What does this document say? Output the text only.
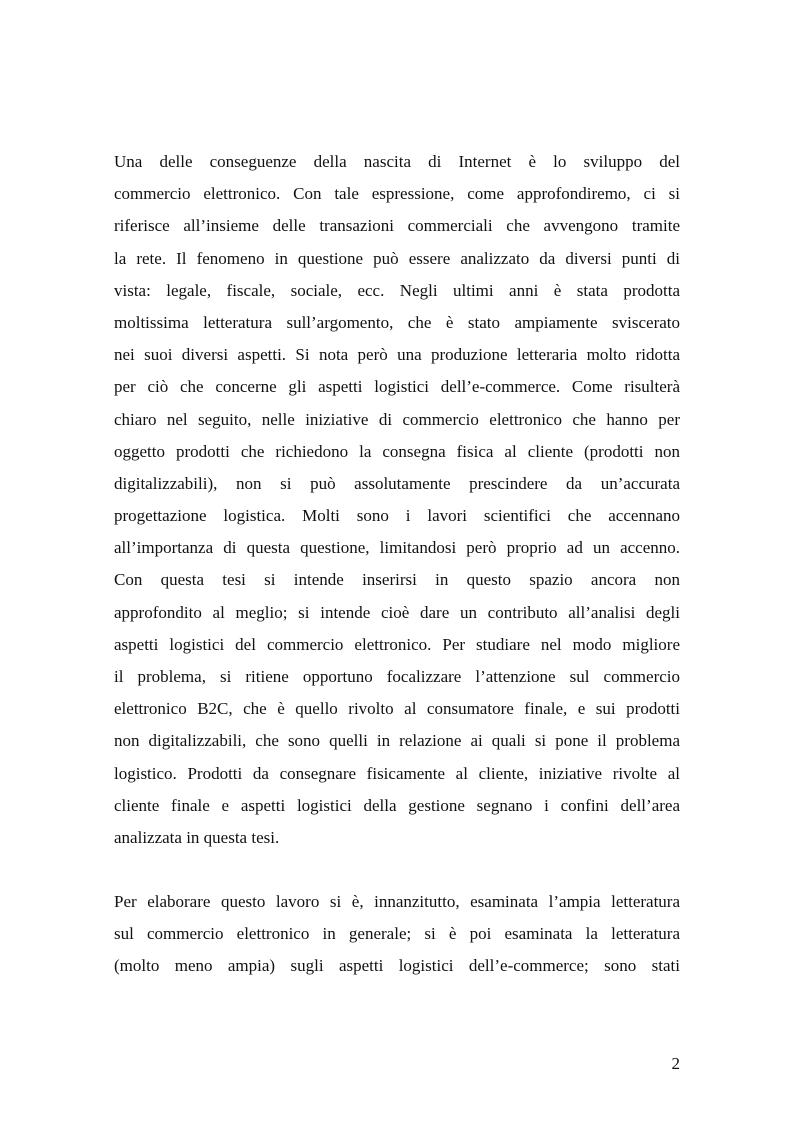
Una delle conseguenze della nascita di Internet è lo sviluppo del
commercio elettronico. Con tale espressione, come approfondiremo, ci si
riferisce all’insieme delle transazioni commerciali che avvengono tramite
la rete. Il fenomeno in questione può essere analizzato da diversi punti di
vista: legale, fiscale, sociale, ecc. Negli ultimi anni è stata prodotta
moltissima letteratura sull’argomento, che è stato ampiamente sviscerato
nei suoi diversi aspetti. Si nota però una produzione letteraria molto ridotta
per ciò che concerne gli aspetti logistici dell’e-commerce. Come risulterà
chiaro nel seguito, nelle iniziative di commercio elettronico che hanno per
oggetto prodotti che richiedono la consegna fisica al cliente (prodotti non
digitalizzabili), non si può assolutamente prescindere da un’accurata
progettazione logistica. Molti sono i lavori scientifici che accennano
all’importanza di questa questione, limitandosi però proprio ad un accenno.
Con questa tesi si intende inserirsi in questo spazio ancora non
approfondito al meglio; si intende cioè dare un contributo all’analisi degli
aspetti logistici del commercio elettronico. Per studiare nel modo migliore
il problema, si ritiene opportuno focalizzare l’attenzione sul commercio
elettronico B2C, che è quello rivolto al consumatore finale, e sui prodotti
non digitalizzabili, che sono quelli in relazione ai quali si pone il problema
logistico. Prodotti da consegnare fisicamente al cliente, iniziative rivolte al
cliente finale e aspetti logistici della gestione segnano i confini dell’area
analizzata in questa tesi.
Per elaborare questo lavoro si è, innanzitutto, esaminata l’ampia letteratura
sul commercio elettronico in generale; si è poi esaminata la letteratura
(molto meno ampia) sugli aspetti logistici dell’e-commerce; sono stati
2
